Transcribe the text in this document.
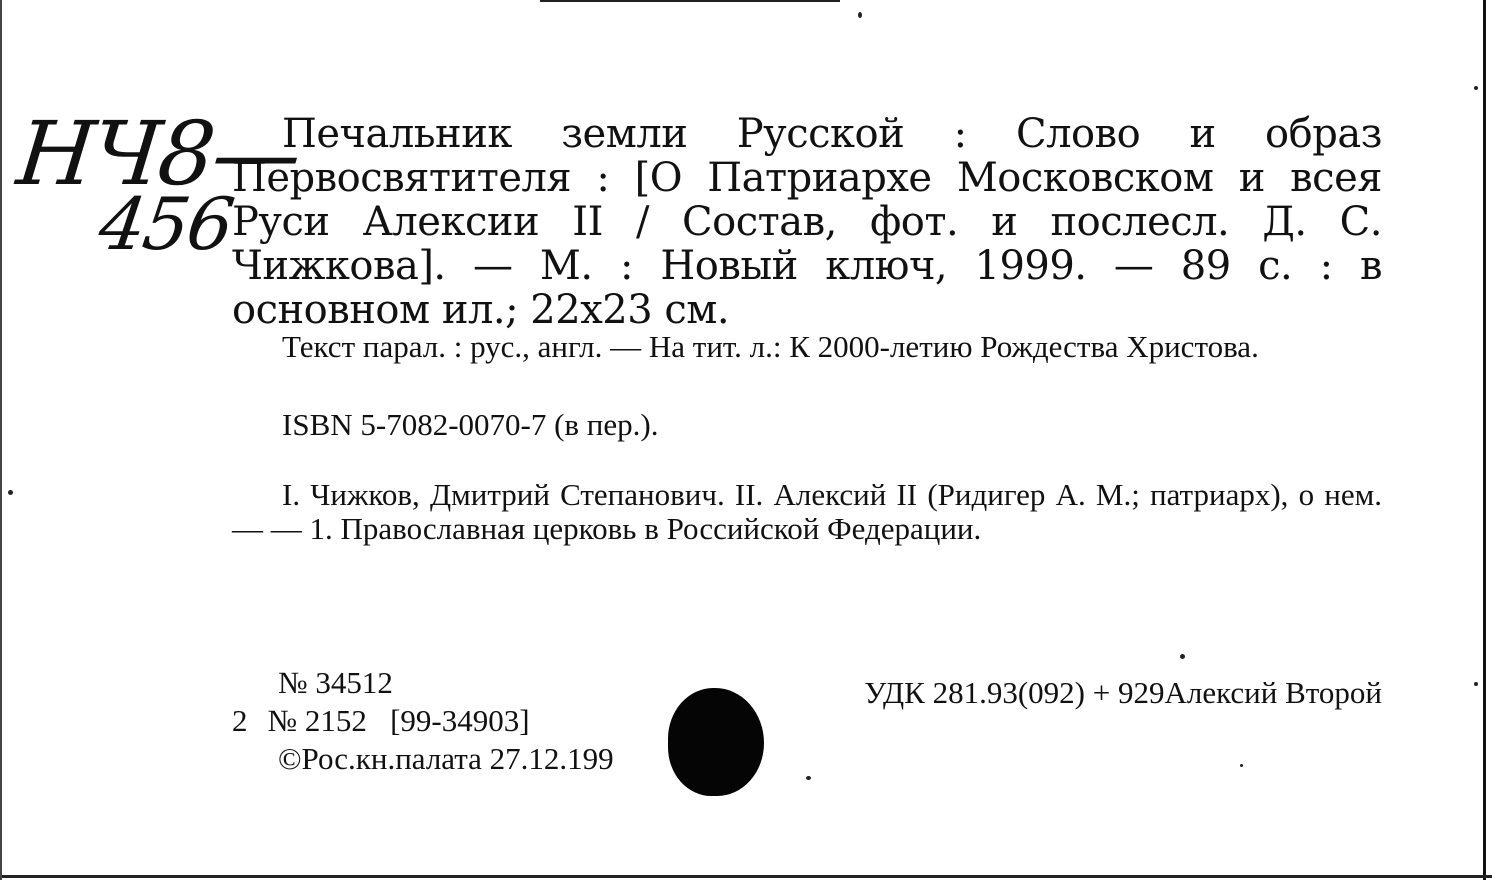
НЧ8—
456
Печальник земли Русской : Слово и образ Первосвятителя : [О Патриархе Московском и всея Руси Алексии II / Состав, фот. и послесл. Д. С. Чижкова]. — М. : Новый ключ, 1999. — 89 с. : в основном ил.; 22x23 см.
Текст парал. : рус., англ. — На тит. л.: К 2000-летию Рождества Христова.
ISBN 5-7082-0070-7 (в пер.).
I. Чижков, Дмитрий Степанович. II. Алексий II (Ридигер А. М.; патриарх), о нем. — — 1. Православная церковь в Российской Федерации.
№ 34512
2 № 2152 [99-34903]
©Рос.кн.палата 27.12.199
УДК 281.93(092) + 929Алексий Второй
